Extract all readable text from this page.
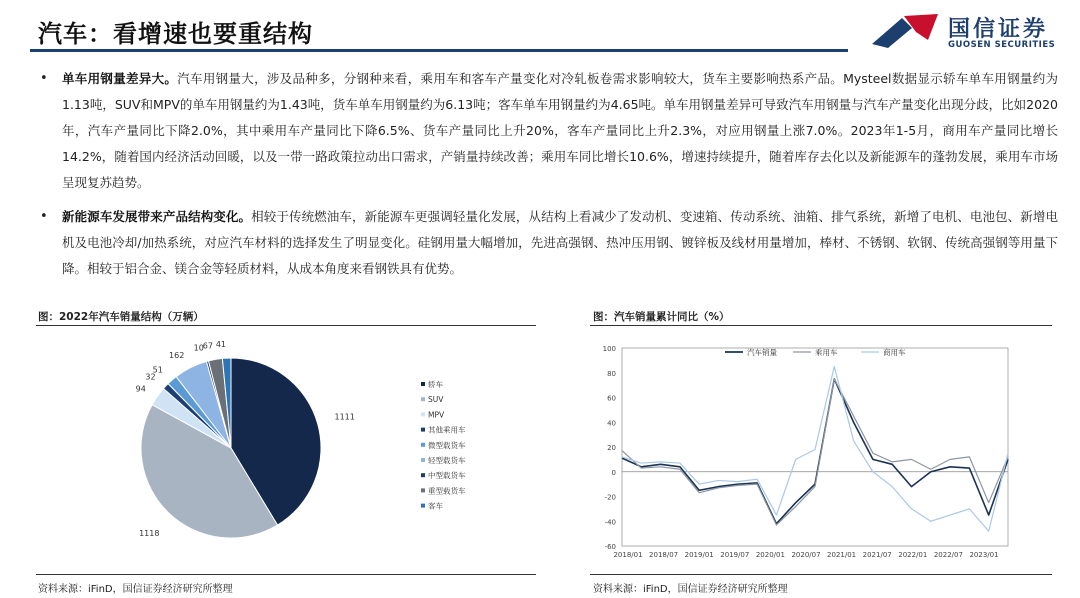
汽车：看增速也要重结构	国信证券
GUOSEN SECURITIES
• 单车用钢量差异大。汽车用钢量大，涉及品种多，分钢种来看，乘用车和客车产量变化对冷轧板卷需求影响较大，货车主要影响热系产品。Mysteel数据显示轿车单车用钢量约为1.13吨，SUV和MPV的单车用钢量约为1.43吨，货车单车用钢量约为6.13吨；客车单车用钢量约为4.65吨。单车用钢量差异可导致汽车用钢量与汽车产量变化出现分歧，比如2020年，汽车产量同比下降2.0%，其中乘用车产量同比下降6.5%、货车产量同比上升20%，客车产量同比上升2.3%，对应用钢量上涨7.0%。2023年1-5月，商用车产量同比增长14.2%，随着国内经济活动回暖，以及一带一路政策拉动出口需求，产销量持续改善；乘用车同比增长10.6%，增速持续提升，随着库存去化以及新能源车的蓬勃发展，乘用车市场呈现复苏趋势。
• 新能源车发展带来产品结构变化。相较于传统燃油车，新能源车更强调轻量化发展，从结构上看减少了发动机、变速箱、传动系统、油箱、排气系统，新增了电机、电池包、新增电机及电池冷却/加热系统，对应汽车材料的选择发生了明显变化。硅钢用量大幅增加，先进高强钢、热冲压用钢、镀锌板及线材用量增加，棒材、不锈钢、软钢、传统高强钢等用量下降。相较于铝合金、镁合金等轻质材料，从成本角度来看钢铁具有优势。
图：2022年汽车销量结构（万辆）	图：汽车销量累计同比（%）
资料来源：iFinD，国信证券经济研究所整理	资料来源：iFinD，国信证券经济研究所整理
1111
1118
94
32
51
162
10
67 41
轿车
SUV
MPV
其他乘用车
微型载货车
轻型载货车
中型载货车
重型载货车
客车
-60
-40
-20
0
20
40
60
80
100
2018/01 2018/07 2019/01 2019/07 2020/01 2020/07 2021/01 2021/07 2022/01 2022/07 2023/01
汽车销量	乘用车	商用车
